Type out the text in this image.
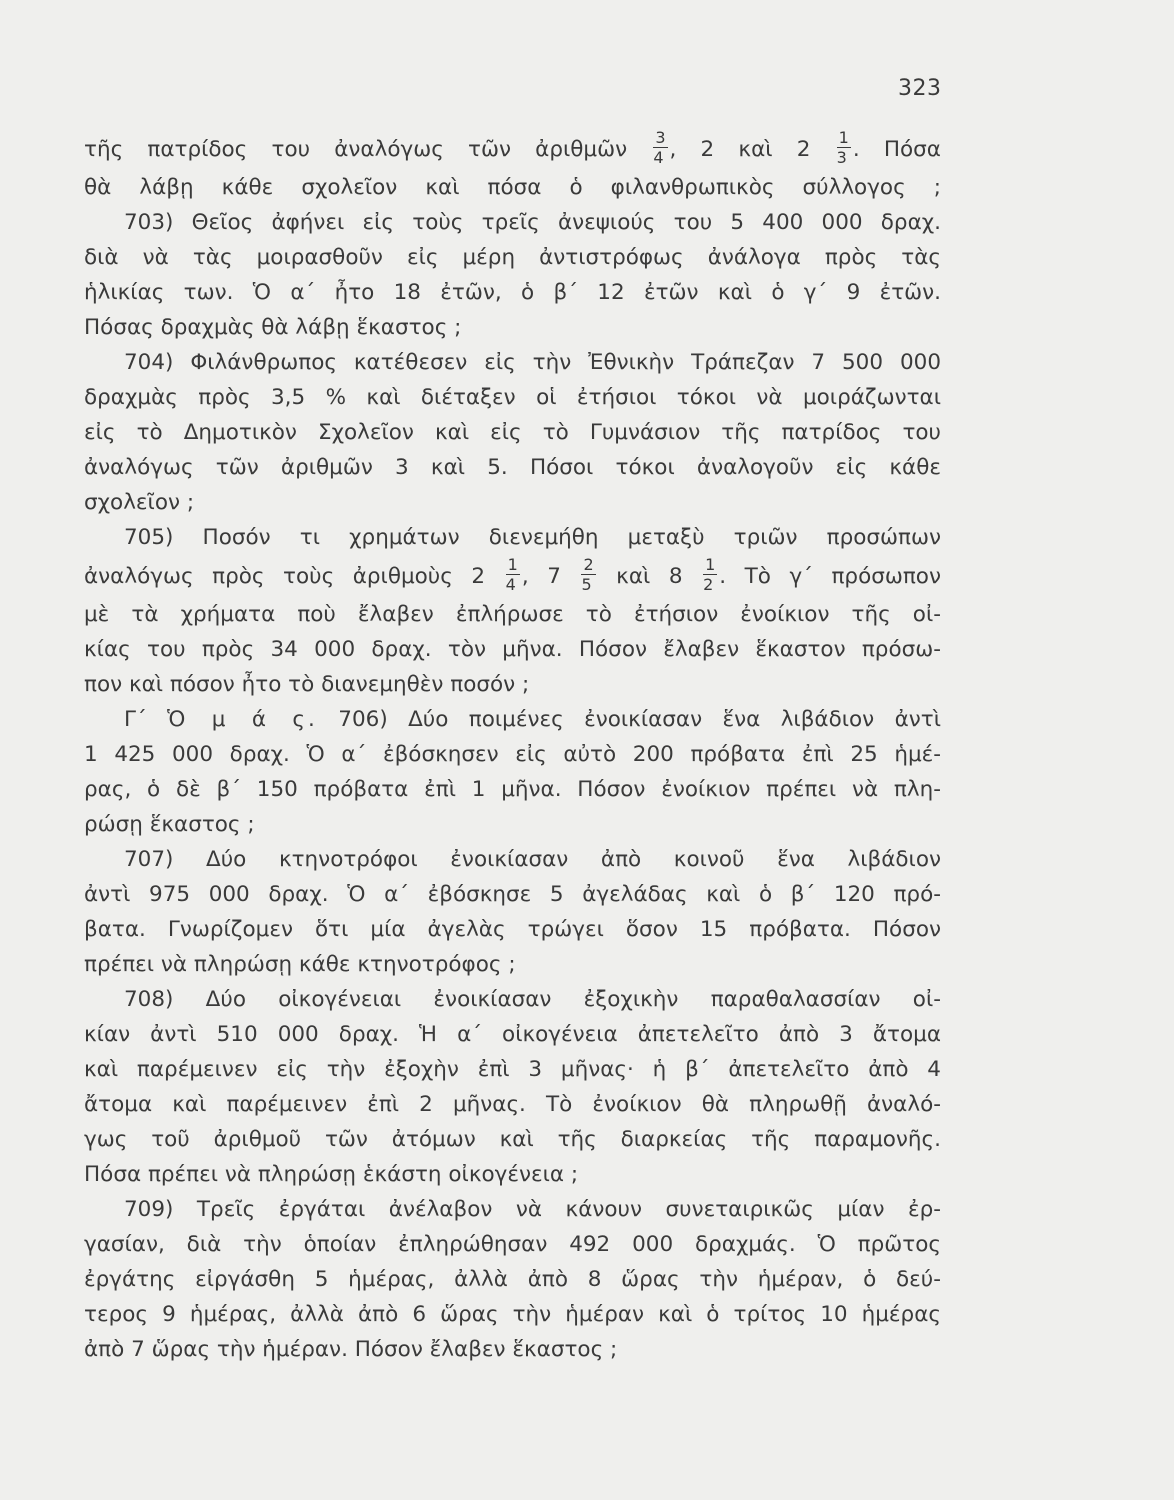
323
τῆς πατρίδος του ἀναλόγως τῶν ἀριθμῶν $\frac{3}{4}$ , 2 καὶ $2 \frac{1}{3}$ . Πόσα
θὰ λάβῃ κάθε σχολεῖον καὶ πόσα ὁ φιλανθρωπικὸς σύλλογος ;
703) Θεῖος ἀφήνει εἰς τοὺς τρεῖς ἀνεψιούς του 5 400 000 δραχ.
διὰ νὰ τὰς μοιρασθοῦν εἰς μέρη ἀντιστρόφως ἀνάλογα πρὸς τὰς
ἡλικίας των. Ὁ α΄ ἦτο 18 ἐτῶν, ὁ β΄ 12 ἐτῶν καὶ ὁ γ΄ 9 ἐτῶν.
Πόσας δραχμὰς θὰ λάβῃ ἕκαστος ;
704) Φιλάνθρωπος κατέθεσεν εἰς τὴν Ἐθνικὴν Τράπεζαν 7 500 000
δραχμὰς πρὸς 3,5 % καὶ διέταξεν οἱ ἐτήσιοι τόκοι νὰ μοιράζωνται
εἰς τὸ Δημοτικὸν Σχολεῖον καὶ εἰς τὸ Γυμνάσιον τῆς πατρίδος του
ἀναλόγως τῶν ἀριθμῶν 3 καὶ 5. Πόσοι τόκοι ἀναλογοῦν εἰς κάθε
σχολεῖον ;
705) Ποσόν τι χρημάτων διενεμήθη μεταξὺ τριῶν προσώπων
ἀναλόγως πρὸς τοὺς ἀριθμοὺς $2 \frac{1}{4}$ , $7 \frac{2}{5}$ καὶ $8 \frac{1}{2}$ . Τὸ γ΄ πρόσωπον
μὲ τὰ χρήματα ποὺ ἔλαβεν ἐπλήρωσε τὸ ἐτήσιον ἐνοίκιον τῆς οἰ-
κίας του πρὸς 34 000 δραχ. τὸν μῆνα. Πόσον ἔλαβεν ἕκαστον πρόσω-
πον καὶ πόσον ἦτο τὸ διανεμηθὲν ποσόν ;
Γ΄ Ὁ μ ά ς. 706) Δύο ποιμένες ἐνοικίασαν ἕνα λιβάδιον ἀντὶ
1 425 000 δραχ. Ὁ α΄ ἐβόσκησεν εἰς αὐτὸ 200 πρόβατα ἐπὶ 25 ἡμέ-
ρας, ὁ δὲ β΄ 150 πρόβατα ἐπὶ 1 μῆνα. Πόσον ἐνοίκιον πρέπει νὰ πλη-
ρώσῃ ἕκαστος ;
707) Δύο κτηνοτρόφοι ἐνοικίασαν ἀπὸ κοινοῦ ἕνα λιβάδιον
ἀντὶ 975 000 δραχ. Ὁ α΄ ἐβόσκησε 5 ἀγελάδας καὶ ὁ β΄ 120 πρό-
βατα. Γνωρίζομεν ὅτι μία ἀγελὰς τρώγει ὅσον 15 πρόβατα. Πόσον
πρέπει νὰ πληρώσῃ κάθε κτηνοτρόφος ;
708) Δύο οἰκογένειαι ἐνοικίασαν ἐξοχικὴν παραθαλασσίαν οἰ-
κίαν ἀντὶ 510 000 δραχ. Ἡ α΄ οἰκογένεια ἀπετελεῖτο ἀπὸ 3 ἄτομα
καὶ παρέμεινεν εἰς τὴν ἐξοχὴν ἐπὶ 3 μῆνας· ἡ β΄ ἀπετελεῖτο ἀπὸ 4
ἄτομα καὶ παρέμεινεν ἐπὶ 2 μῆνας. Τὸ ἐνοίκιον θὰ πληρωθῇ ἀναλό-
γως τοῦ ἀριθμοῦ τῶν ἀτόμων καὶ τῆς διαρκείας τῆς παραμονῆς.
Πόσα πρέπει νὰ πληρώσῃ ἑκάστη οἰκογένεια ;
709) Τρεῖς ἐργάται ἀνέλαβον νὰ κάνουν συνεταιρικῶς μίαν ἐρ-
γασίαν, διὰ τὴν ὁποίαν ἐπληρώθησαν 492 000 δραχμάς. Ὁ πρῶτος
ἐργάτης εἰργάσθη 5 ἡμέρας, ἀλλὰ ἀπὸ 8 ὥρας τὴν ἡμέραν, ὁ δεύ-
τερος 9 ἡμέρας, ἀλλὰ ἀπὸ 6 ὥρας τὴν ἡμέραν καὶ ὁ τρίτος 10 ἡμέρας
ἀπὸ 7 ὥρας τὴν ἡμέραν. Πόσον ἔλαβεν ἕκαστος ;
